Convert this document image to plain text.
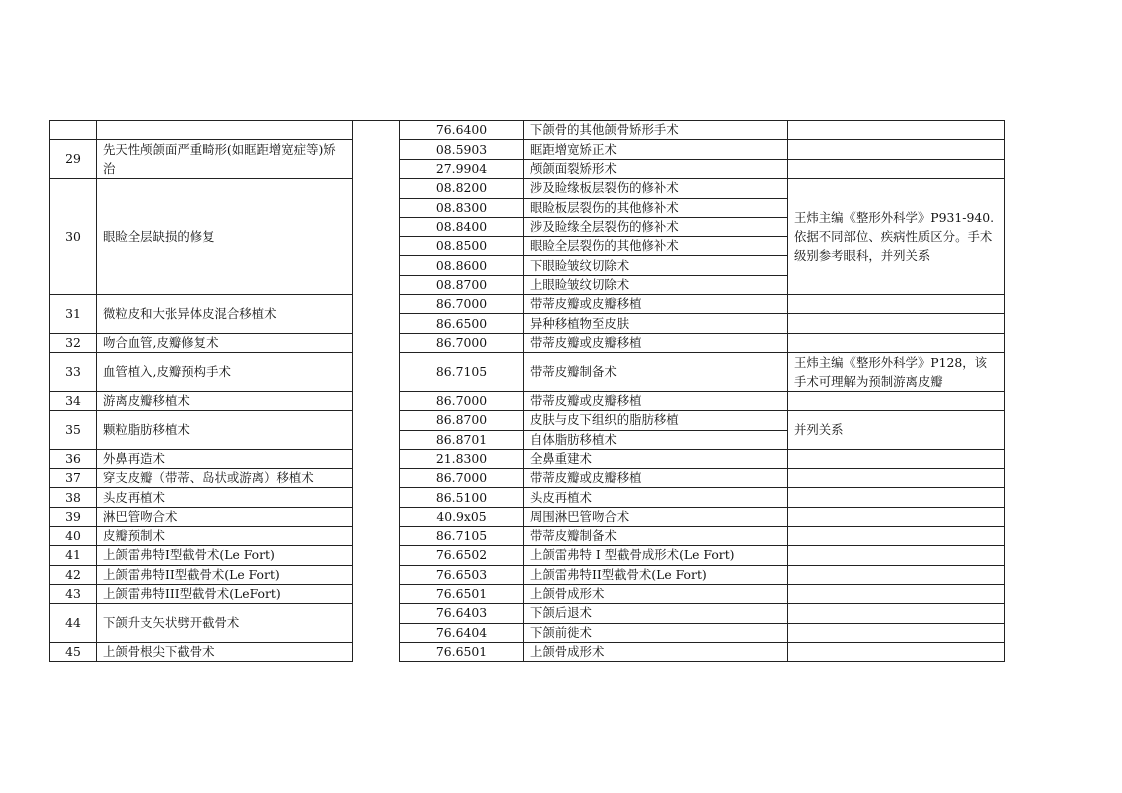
			76.6400	下颌骨的其他颌骨矫形手术	
29	先天性颅颌面严重畸形(如眶距增宽症等)矫治		08.5903	眶距增宽矫正术	
			27.9904	颅颌面裂矫形术	
30	眼睑全层缺损的修复		08.8200	涉及睑缘板层裂伤的修补术	王炜主编《整形外科学》P931-940.依据不同部位、疾病性质区分。手术级别参考眼科，并列关系
			08.8300	眼睑板层裂伤的其他修补术	
			08.8400	涉及睑缘全层裂伤的修补术	
			08.8500	眼睑全层裂伤的其他修补术	
			08.8600	下眼睑皱纹切除术	
			08.8700	上眼睑皱纹切除术	
31	微粒皮和大张异体皮混合移植术		86.7000	带蒂皮瓣或皮瓣移植	
			86.6500	异种移植物至皮肤	
32	吻合血管,皮瓣修复术		86.7000	带蒂皮瓣或皮瓣移植	
33	血管植入,皮瓣预构手术		86.7105	带蒂皮瓣制备术	王炜主编《整形外科学》P128，该手术可理解为预制游离皮瓣
34	游离皮瓣移植术		86.7000	带蒂皮瓣或皮瓣移植	
35	颗粒脂肪移植术		86.8700	皮肤与皮下组织的脂肪移植	并列关系
			86.8701	自体脂肪移植术	
36	外鼻再造术		21.8300	全鼻重建术	
37	穿支皮瓣（带蒂、岛状或游离）移植术		86.7000	带蒂皮瓣或皮瓣移植	
38	头皮再植术		86.5100	头皮再植术	
39	淋巴管吻合术		40.9x05	周围淋巴管吻合术	
40	皮瓣预制术		86.7105	带蒂皮瓣制备术	
41	上颌雷弗特I型截骨术(Le Fort)		76.6502	上颌雷弗特 I 型截骨成形术(Le Fort)	
42	上颌雷弗特II型截骨术(Le Fort)		76.6503	上颌雷弗特II型截骨术(Le Fort)	
43	上颌雷弗特III型截骨术(LeFort)		76.6501	上颌骨成形术	
44	下颌升支矢状劈开截骨术		76.6403	下颌后退术	
			76.6404	下颌前徙术	
45	上颌骨根尖下截骨术		76.6501	上颌骨成形术	
